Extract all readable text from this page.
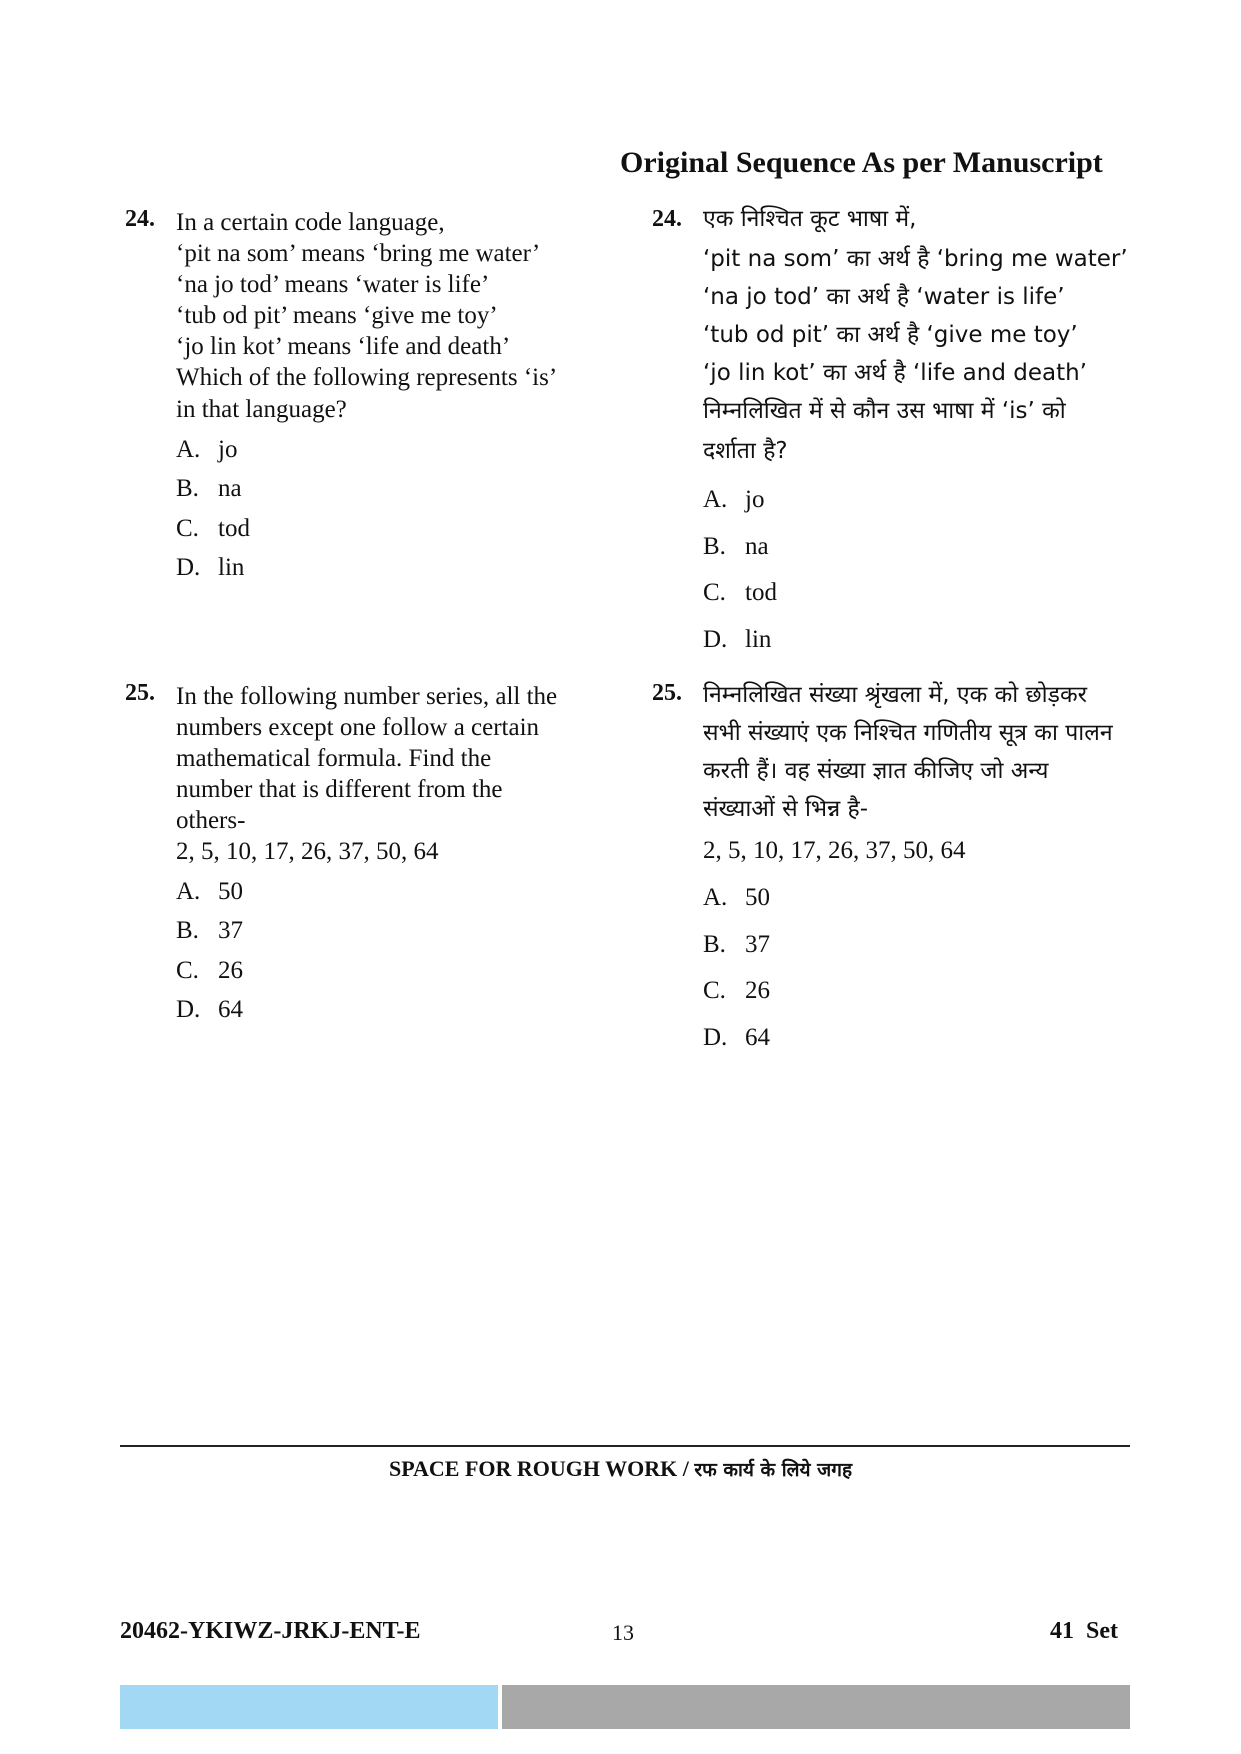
Original Sequence As per Manuscript
24. In a certain code language,
‘pit na som’ means ‘bring me water’
‘na jo tod’ means ‘water is life’
‘tub od pit’ means ‘give me toy’
‘jo lin kot’ means ‘life and death’
Which of the following represents ‘is’
in that language?
A. jo
B. na
C. tod
D. lin
24. एक निश्चित कूट भाषा में,
‘pit na som’ का अर्थ है ‘bring me water’
‘na jo tod’ का अर्थ है ‘water is life’
‘tub od pit’ का अर्थ है ‘give me toy’
‘jo lin kot’ का अर्थ है ‘life and death’
निम्नलिखित में से कौन उस भाषा में ‘is’ को
दर्शाता है?
A. jo
B. na
C. tod
D. lin
25. In the following number series, all the
numbers except one follow a certain
mathematical formula. Find the
number that is different from the
others-
2, 5, 10, 17, 26, 37, 50, 64
A. 50
B. 37
C. 26
D. 64
25. निम्नलिखित संख्या श्रृंखला में, एक को छोड़कर
सभी संख्याएं एक निश्चित गणितीय सूत्र का पालन
करती हैं। वह संख्या ज्ञात कीजिए जो अन्य
संख्याओं से भिन्न है-
2, 5, 10, 17, 26, 37, 50, 64
A. 50
B. 37
C. 26
D. 64
SPACE FOR ROUGH WORK / रफ कार्य के लिये जगह
20462-YKIWZ-JRKJ-ENT-E	13	41  Set
